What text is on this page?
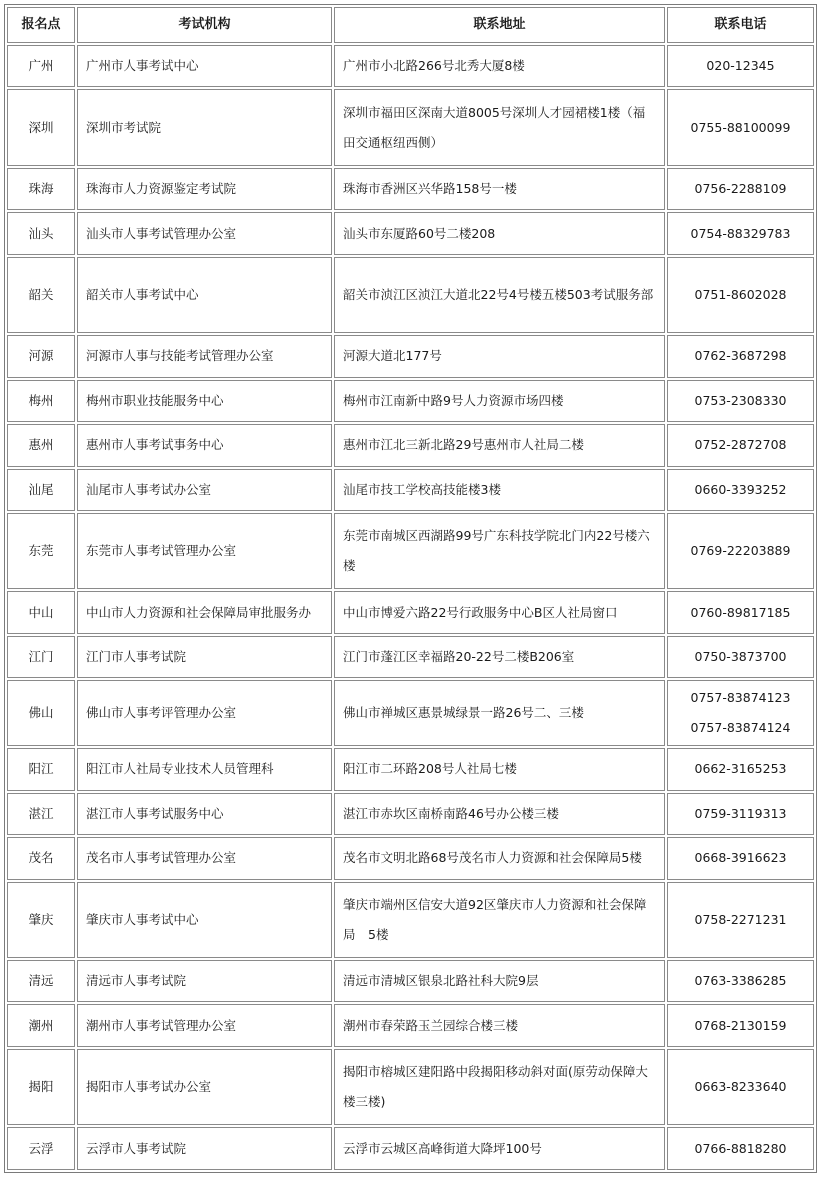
报名点	考试机构	联系地址	联系电话
广州	广州市人事考试中心	广州市小北路266号北秀大厦8楼	020-12345

深圳	深圳市考试院	深圳市福田区深南大道8005号深圳人才园裙楼1楼（福田交通枢纽西侧）	0755-88100099

珠海	珠海市人力资源鉴定考试院	珠海市香洲区兴华路158号一楼	0756-2288109

汕头	汕头市人事考试管理办公室	汕头市东厦路60号二楼208	0754-88329783

韶关	韶关市人事考试中心	韶关市浈江区浈江大道北22号4号楼五楼503考试服务部	0751-8602028

河源	河源市人事与技能考试管理办公室	河源大道北177号	0762-3687298

梅州	梅州市职业技能服务中心	梅州市江南新中路9号人力资源市场四楼	0753-2308330

惠州	惠州市人事考试事务中心	惠州市江北三新北路29号惠州市人社局二楼	0752-2872708

汕尾	汕尾市人事考试办公室	汕尾市技工学校高技能楼3楼	0660-3393252

东莞	东莞市人事考试管理办公室	东莞市南城区西湖路99号广东科技学院北门内22号楼六楼	0769-22203889

中山	中山市人力资源和社会保障局审批服务办	中山市博爱六路22号行政服务中心B区人社局窗口	0760-89817185

江门	江门市人事考试院	江门市蓬江区幸福路20-22号二楼B206室	0750-3873700

佛山	佛山市人事考评管理办公室	佛山市禅城区惠景城绿景一路26号二、三楼	0757-83874123
0757-83874124

阳江	阳江市人社局专业技术人员管理科	阳江市二环路208号人社局七楼	0662-3165253

湛江	湛江市人事考试服务中心	湛江市赤坎区南桥南路46号办公楼三楼	0759-3119313

茂名	茂名市人事考试管理办公室	茂名市文明北路68号茂名市人力资源和社会保障局5楼	0668-3916623

肇庆	肇庆市人事考试中心	肇庆市端州区信安大道92区肇庆市人力资源和社会保障局　5楼	0758-2271231

清远	清远市人事考试院	清远市清城区银泉北路社科大院9层	0763-3386285

潮州	潮州市人事考试管理办公室	潮州市春荣路玉兰园综合楼三楼	0768-2130159

揭阳	揭阳市人事考试办公室	揭阳市榕城区建阳路中段揭阳移动斜对面(原劳动保障大楼三楼)	0663-8233640

云浮	云浮市人事考试院	云浮市云城区高峰街道大降坪100号	0766-8818280
